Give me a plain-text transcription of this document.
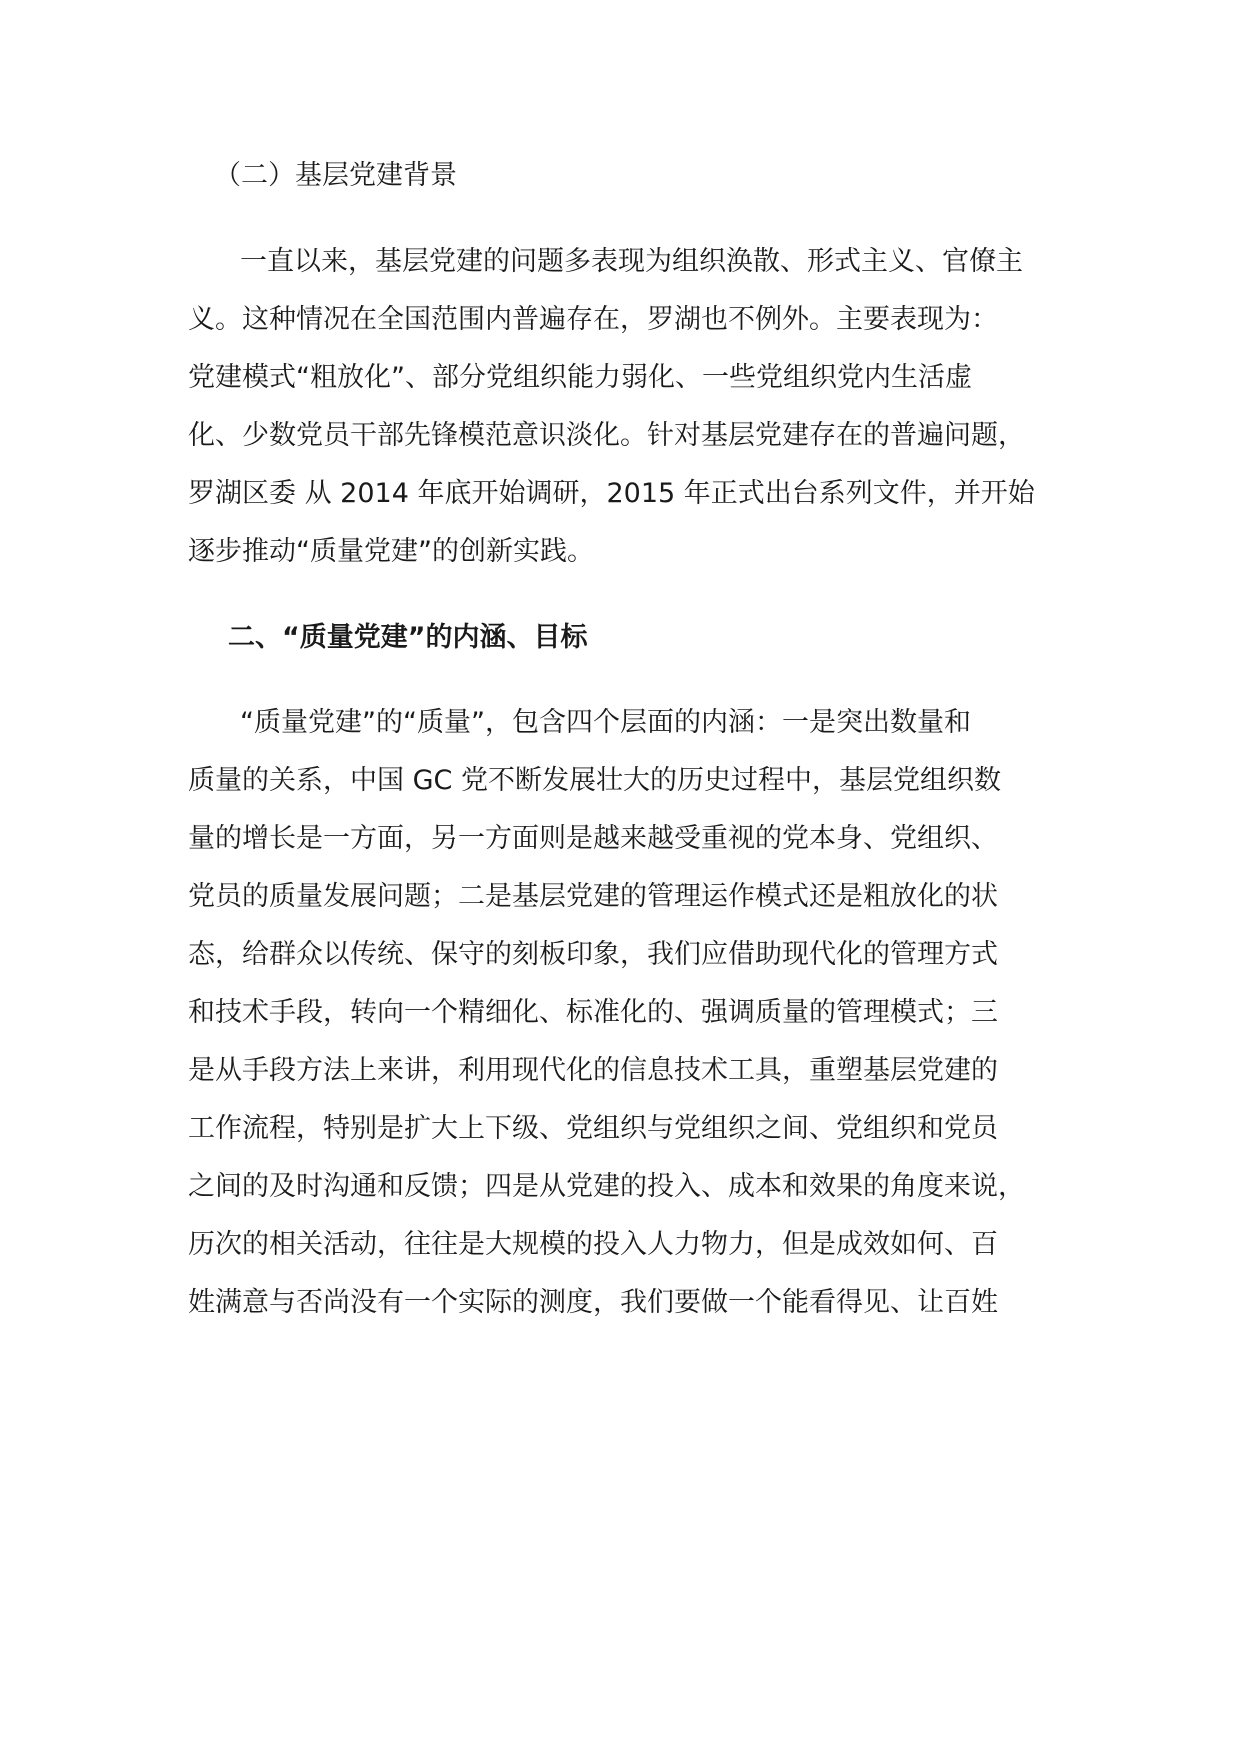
（二）基层党建背景
一直以来，基层党建的问题多表现为组织涣散、形式主义、官僚主
义。这种情况在全国范围内普遍存在，罗湖也不例外。主要表现为：
党建模式“粗放化”、部分党组织能力弱化、一些党组织党内生活虚
化、少数党员干部先锋模范意识淡化。针对基层党建存在的普遍问题，
罗湖区委 从 2014 年底开始调研，2015 年正式出台系列文件，并开始
逐步推动“质量党建”的创新实践。
二、“质量党建”的内涵、目标
“质量党建”的“质量”，包含四个层面的内涵：一是突出数量和
质量的关系，中国 GC 党不断发展壮大的历史过程中，基层党组织数
量的增长是一方面，另一方面则是越来越受重视的党本身、党组织、
党员的质量发展问题；二是基层党建的管理运作模式还是粗放化的状
态，给群众以传统、保守的刻板印象，我们应借助现代化的管理方式
和技术手段，转向一个精细化、标准化的、强调质量的管理模式；三
是从手段方法上来讲，利用现代化的信息技术工具，重塑基层党建的
工作流程，特别是扩大上下级、党组织与党组织之间、党组织和党员
之间的及时沟通和反馈；四是从党建的投入、成本和效果的角度来说，
历次的相关活动，往往是大规模的投入人力物力，但是成效如何、百
姓满意与否尚没有一个实际的测度，我们要做一个能看得见、让百姓
